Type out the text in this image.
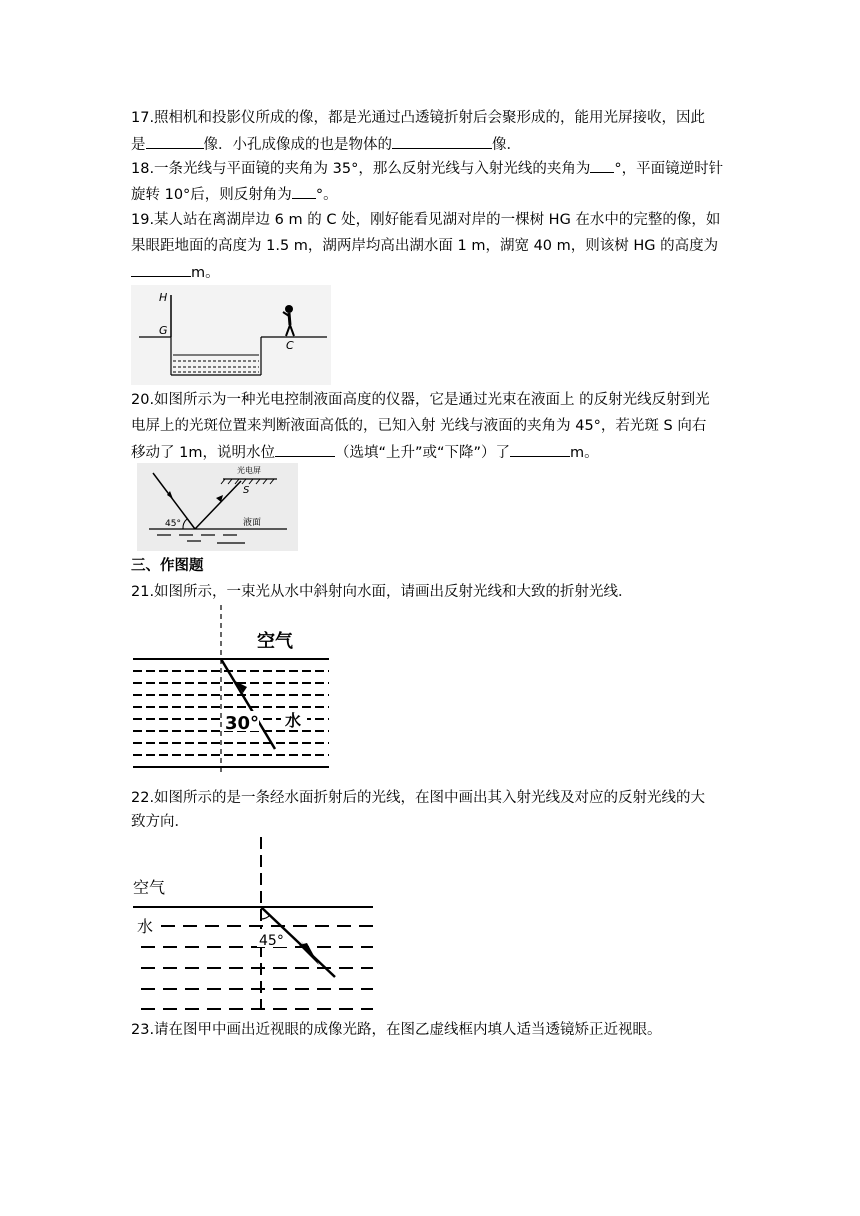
17.照相机和投影仪所成的像，都是光通过凸透镜折射后会聚形成的，能用光屏接收，因此
是	像．小孔成像成的也是物体的	像．
18.一条光线与平面镜的夹角为 35°，那么反射光线与入射光线的夹角为 °，平面镜逆时针
旋转 10°后，则反射角为 °。
19.某人站在离湖岸边 6 m 的 C 处，刚好能看见湖对岸的一棵树 HG 在水中的完整的像，如
果眼距地面的高度为 1.5 m，湖两岸均高出湖水面 1 m，湖宽 40 m，则该树 HG 的高度为
m。
H
G
C
20.如图所示为一种光电控制液面高度的仪器，它是通过光束在液面上 的反射光线反射到光
电屏上的光斑位置来判断液面高低的，已知入射 光线与液面的夹角为 45°，若光斑 S 向右
移动了 1m，说明水位	（选填“上升”或“下降”）了	m。
光电屏
S
45°	液面
三、作图题
21.如图所示，一束光从水中斜射向水面，请画出反射光线和大致的折射光线．
空气
30° 水
22.如图所示的是一条经水面折射后的光线，在图中画出其入射光线及对应的反射光线的大
致方向．
空气
水
45°
23.请在图甲中画出近视眼的成像光路，在图乙虚线框内填人适当透镜矫正近视眼。
